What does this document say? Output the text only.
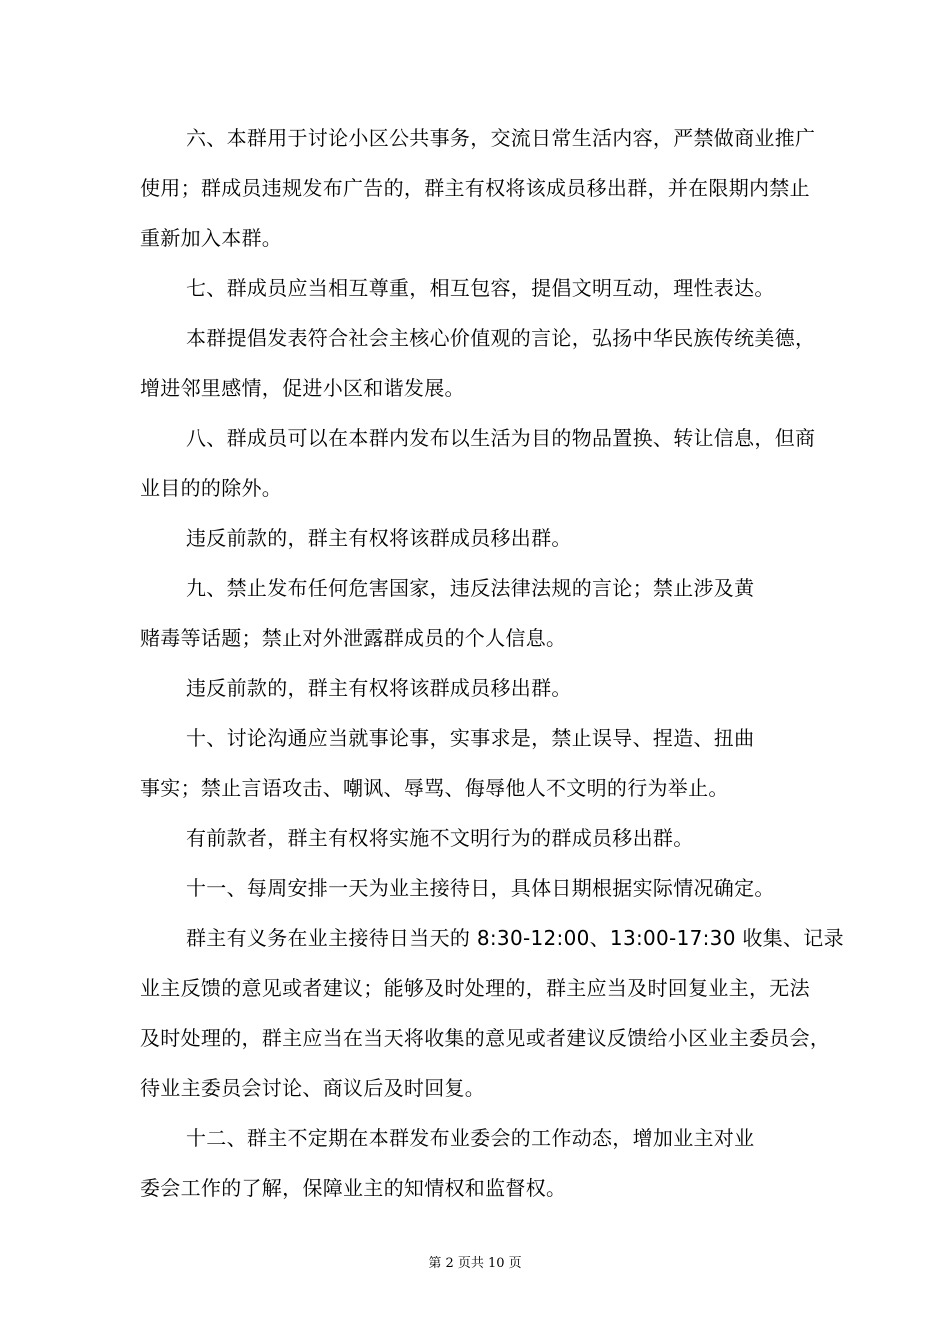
六、本群用于讨论小区公共事务，交流日常生活内容，严禁做商业推广
使用；群成员违规发布广告的，群主有权将该成员移出群，并在限期内禁止
重新加入本群。
七、群成员应当相互尊重，相互包容，提倡文明互动，理性表达。
本群提倡发表符合社会主核心价值观的言论，弘扬中华民族传统美德，
增进邻里感情，促进小区和谐发展。
八、群成员可以在本群内发布以生活为目的物品置换、转让信息，但商
业目的的除外。
违反前款的，群主有权将该群成员移出群。
九、禁止发布任何危害国家，违反法律法规的言论；禁止涉及黄
赌毒等话题；禁止对外泄露群成员的个人信息。
违反前款的，群主有权将该群成员移出群。
十、讨论沟通应当就事论事，实事求是，禁止误导、捏造、扭曲
事实；禁止言语攻击、嘲讽、辱骂、侮辱他人不文明的行为举止。
有前款者，群主有权将实施不文明行为的群成员移出群。
十一、每周安排一天为业主接待日，具体日期根据实际情况确定。
群主有义务在业主接待日当天的 8:30-12:00、13:00-17:30 收集、记录
业主反馈的意见或者建议；能够及时处理的，群主应当及时回复业主，无法
及时处理的，群主应当在当天将收集的意见或者建议反馈给小区业主委员会，
待业主委员会讨论、商议后及时回复。
十二、群主不定期在本群发布业委会的工作动态，增加业主对业
委会工作的了解，保障业主的知情权和监督权。
第 2 页共 10 页
